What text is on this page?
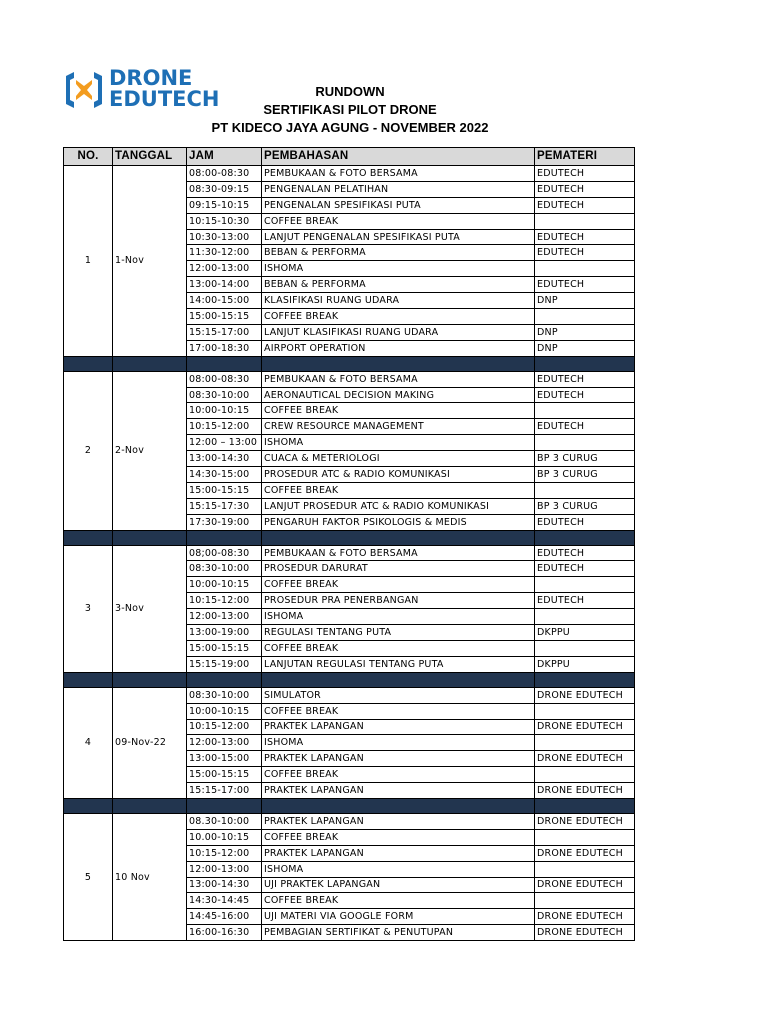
DRONE
EDUTECH	RUNDOWN
SERTIFIKASI PILOT DRONE
PT KIDECO JAYA AGUNG - NOVEMBER 2022
NO.	TANGGAL	JAM	PEMBAHASAN	PEMATERI
1	1-Nov	08:00-08:30	PEMBUKAAN & FOTO BERSAMA	EDUTECH
		08:30-09:15	PENGENALAN PELATIHAN	EDUTECH
		09:15-10:15	PENGENALAN SPESIFIKASI PUTA	EDUTECH
		10:15-10:30	COFFEE BREAK	
		10:30-13:00	LANJUT PENGENALAN SPESIFIKASI PUTA	EDUTECH
		11:30-12:00	BEBAN & PERFORMA	EDUTECH
		12:00-13:00	ISHOMA	
		13:00-14:00	BEBAN & PERFORMA	EDUTECH
		14:00-15:00	KLASIFIKASI RUANG UDARA	DNP
		15:00-15:15	COFFEE BREAK	
		15:15-17:00	LANJUT KLASIFIKASI RUANG UDARA	DNP
		17:00-18:30	AIRPORT OPERATION	DNP

2	2-Nov	08:00-08:30	PEMBUKAAN & FOTO BERSAMA	EDUTECH
		08:30-10:00	AERONAUTICAL DECISION MAKING	EDUTECH
		10:00-10:15	COFFEE BREAK	
		10:15-12:00	CREW RESOURCE MANAGEMENT	EDUTECH
		12:00 – 13:00	ISHOMA	
		13:00-14:30	CUACA & METERIOLOGI	BP 3 CURUG
		14:30-15:00	PROSEDUR ATC & RADIO KOMUNIKASI	BP 3 CURUG
		15:00-15:15	COFFEE BREAK	
		15:15-17:30	LANJUT PROSEDUR ATC & RADIO KOMUNIKASI	BP 3 CURUG
		17:30-19:00	PENGARUH FAKTOR PSIKOLOGIS & MEDIS	EDUTECH

3	3-Nov	08;00-08:30	PEMBUKAAN & FOTO BERSAMA	EDUTECH
		08:30-10:00	PROSEDUR DARURAT	EDUTECH
		10:00-10:15	COFFEE BREAK	
		10:15-12:00	PROSEDUR PRA PENERBANGAN	EDUTECH
		12:00-13:00	ISHOMA	
		13:00-19:00	REGULASI TENTANG PUTA	DKPPU
		15:00-15:15	COFFEE BREAK	
		15:15-19:00	LANJUTAN REGULASI TENTANG PUTA	DKPPU

4	09-Nov-22	08:30-10:00	SIMULATOR	DRONE EDUTECH
		10:00-10:15	COFFEE BREAK	
		10:15-12:00	PRAKTEK LAPANGAN	DRONE EDUTECH
		12:00-13:00	ISHOMA	
		13:00-15:00	PRAKTEK LAPANGAN	DRONE EDUTECH
		15:00-15:15	COFFEE BREAK	
		15:15-17:00	PRAKTEK LAPANGAN	DRONE EDUTECH

5	10 Nov	08.30-10:00	PRAKTEK LAPANGAN	DRONE EDUTECH
		10.00-10:15	COFFEE BREAK	
		10:15-12:00	PRAKTEK LAPANGAN	DRONE EDUTECH
		12:00-13:00	ISHOMA	
		13:00-14:30	UJI PRAKTEK LAPANGAN	DRONE EDUTECH
		14:30-14:45	COFFEE BREAK	
		14:45-16:00	UJI MATERI VIA GOOGLE FORM	DRONE EDUTECH
		16:00-16:30	PEMBAGIAN SERTIFIKAT & PENUTUPAN	DRONE EDUTECH
